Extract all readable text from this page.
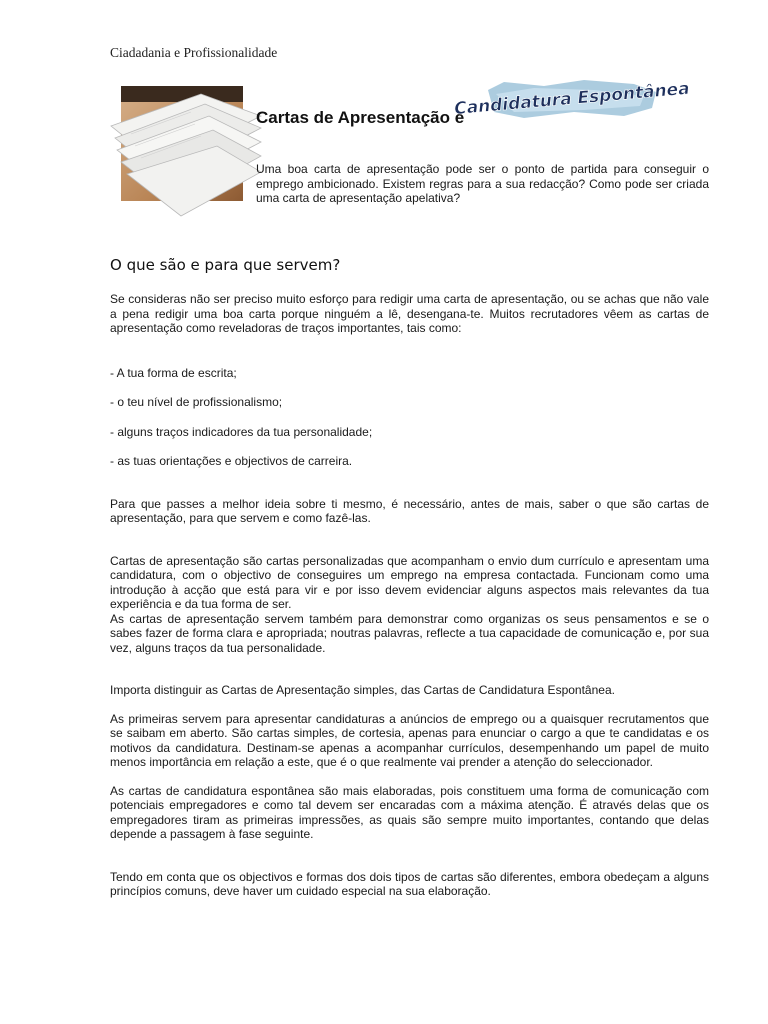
Ciadadania e Profissionalidade
Cartas de Apresentação e
Candidatura Espontânea

Uma boa carta de apresentação pode ser o ponto de partida para conseguir o emprego ambicionado. Existem regras para a sua redacção? Como pode ser criada uma carta de apresentação apelativa?

O que são e para que servem?

Se consideras não ser preciso muito esforço para redigir uma carta de apresentação, ou se achas que não vale a pena redigir uma boa carta porque ninguém a lê, desengana-te. Muitos recrutadores vêem as cartas de apresentação como reveladoras de traços importantes, tais como:

- A tua forma de escrita;

- o teu nível de profissionalismo;

- alguns traços indicadores da tua personalidade;

- as tuas orientações e objectivos de carreira.

Para que passes a melhor ideia sobre ti mesmo, é necessário, antes de mais, saber o que são cartas de apresentação, para que servem e como fazê-las.

Cartas de apresentação são cartas personalizadas que acompanham o envio dum currículo e apresentam uma candidatura, com o objectivo de conseguires um emprego na empresa contactada. Funcionam como uma introdução à acção que está para vir e por isso devem evidenciar alguns aspectos mais relevantes da tua experiência e da tua forma de ser.

As cartas de apresentação servem também para demonstrar como organizas os seus pensamentos e se o sabes fazer de forma clara e apropriada; noutras palavras, reflecte a tua capacidade de comunicação e, por sua vez, alguns traços da tua personalidade.

Importa distinguir as Cartas de Apresentação simples, das Cartas de Candidatura Espontânea.

As primeiras servem para apresentar candidaturas a anúncios de emprego ou a quaisquer recrutamentos que se saibam em aberto. São cartas simples, de cortesia, apenas para enunciar o cargo a que te candidatas e os motivos da candidatura. Destinam-se apenas a acompanhar currículos, desempenhando um papel de muito menos importância em relação a este, que é o que realmente vai prender a atenção do seleccionador.

As cartas de candidatura espontânea são mais elaboradas, pois constituem uma forma de comunicação com potenciais empregadores e como tal devem ser encaradas com a máxima atenção. É através delas que os empregadores tiram as primeiras impressões, as quais são sempre muito importantes, contando que delas depende a passagem à fase seguinte.

Tendo em conta que os objectivos e formas dos dois tipos de cartas são diferentes, embora obedeçam a alguns princípios comuns, deve haver um cuidado especial na sua elaboração.
